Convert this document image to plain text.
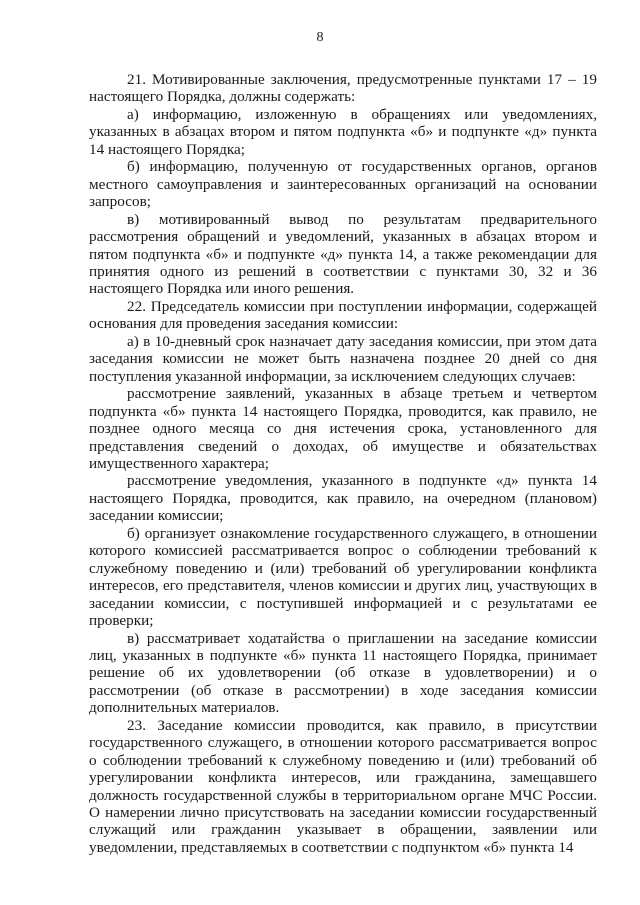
8

21. Мотивированные заключения, предусмотренные пунктами 17 – 19 настоящего Порядка, должны содержать:

а) информацию, изложенную в обращениях или уведомлениях, указанных в абзацах втором и пятом подпункта «б» и подпункте «д» пункта 14 настоящего Порядка;

б) информацию, полученную от государственных органов, органов местного самоуправления и заинтересованных организаций на основании запросов;

в) мотивированный вывод по результатам предварительного рассмотрения обращений и уведомлений, указанных в абзацах втором и пятом подпункта «б» и подпункте «д» пункта 14, а также рекомендации для принятия одного из решений в соответствии с пунктами 30, 32 и 36 настоящего Порядка или иного решения.

22. Председатель комиссии при поступлении информации, содержащей основания для проведения заседания комиссии:

а) в 10-дневный срок назначает дату заседания комиссии, при этом дата заседания комиссии не может быть назначена позднее 20 дней со дня поступления указанной информации, за исключением следующих случаев:

рассмотрение заявлений, указанных в абзаце третьем и четвертом подпункта «б» пункта 14 настоящего Порядка, проводится, как правило, не позднее одного месяца со дня истечения срока, установленного для представления сведений о доходах, об имуществе и обязательствах имущественного характера;

рассмотрение уведомления, указанного в подпункте «д» пункта 14 настоящего Порядка, проводится, как правило, на очередном (плановом) заседании комиссии;

б) организует ознакомление государственного служащего, в отношении которого комиссией рассматривается вопрос о соблюдении требований к служебному поведению и (или) требований об урегулировании конфликта интересов, его представителя, членов комиссии и других лиц, участвующих в заседании комиссии, с поступившей информацией и с результатами ее проверки;

в) рассматривает ходатайства о приглашении на заседание комиссии лиц, указанных в подпункте «б» пункта 11 настоящего Порядка, принимает решение об их удовлетворении (об отказе в удовлетворении) и о рассмотрении (об отказе в рассмотрении) в ходе заседания комиссии дополнительных материалов.

23. Заседание комиссии проводится, как правило, в присутствии государственного служащего, в отношении которого рассматривается вопрос о соблюдении требований к служебному поведению и (или) требований об урегулировании конфликта интересов, или гражданина, замещавшего должность государственной службы в территориальном органе МЧС России. О намерении лично присутствовать на заседании комиссии государственный служащий или гражданин указывает в обращении, заявлении или уведомлении, представляемых в соответствии с подпунктом «б» пункта 14
